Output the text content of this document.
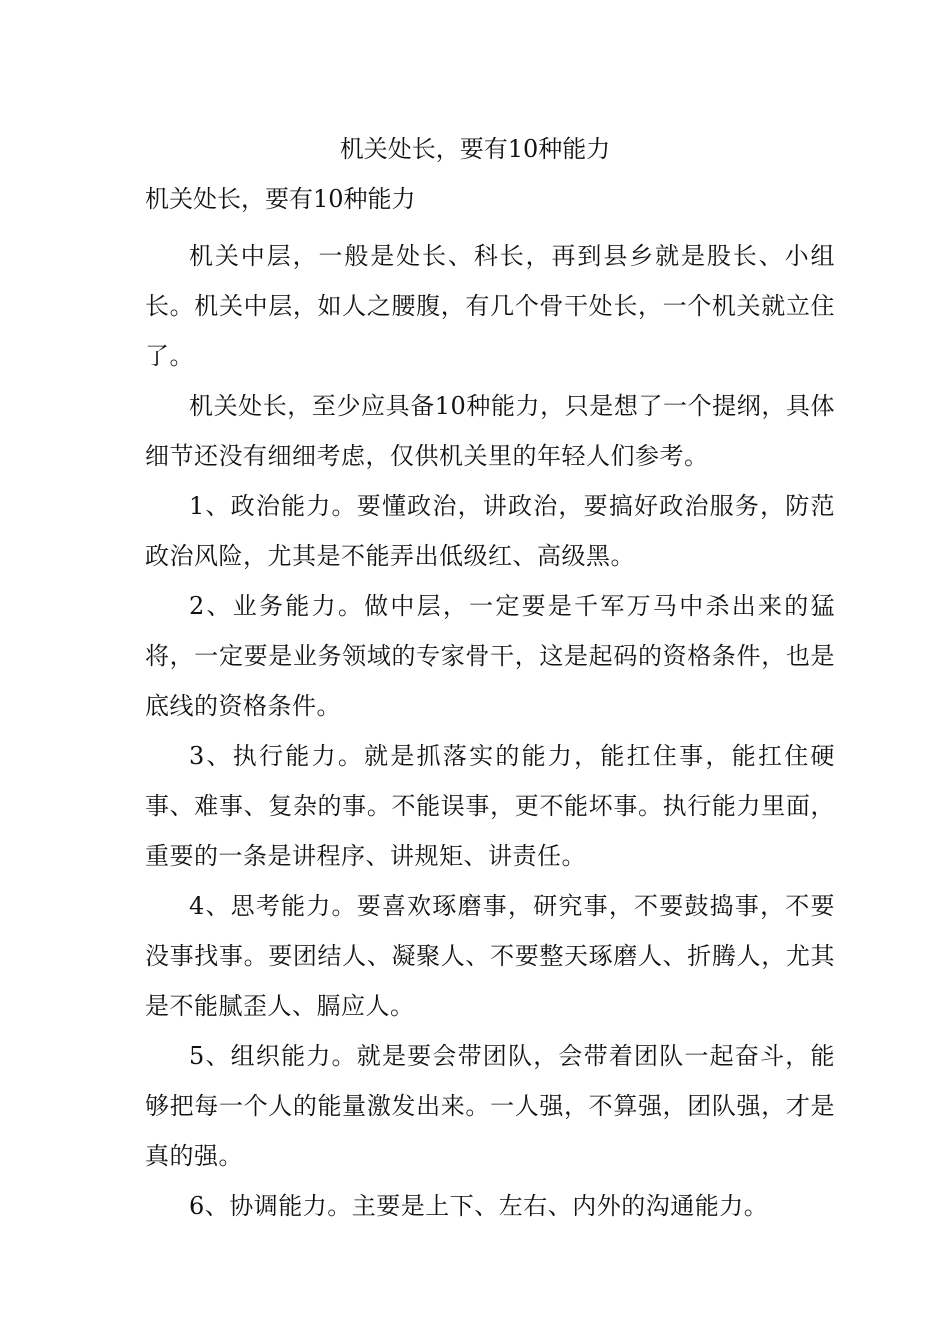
机关处长，要有10种能力

机关处长，要有10种能力

机关中层，一般是处长、科长，再到县乡就是股长、小组长。机关中层，如人之腰腹，有几个骨干处长，一个机关就立住了。

机关处长，至少应具备10种能力，只是想了一个提纲，具体细节还没有细细考虑，仅供机关里的年轻人们参考。

1、政治能力。要懂政治，讲政治，要搞好政治服务，防范政治风险，尤其是不能弄出低级红、高级黑。

2、业务能力。做中层，一定要是千军万马中杀出来的猛将，一定要是业务领域的专家骨干，这是起码的资格条件，也是底线的资格条件。

3、执行能力。就是抓落实的能力，能扛住事，能扛住硬事、难事、复杂的事。不能误事，更不能坏事。执行能力里面，重要的一条是讲程序、讲规矩、讲责任。

4、思考能力。要喜欢琢磨事，研究事，不要鼓捣事，不要没事找事。要团结人、凝聚人、不要整天琢磨人、折腾人，尤其是不能腻歪人、膈应人。

5、组织能力。就是要会带团队，会带着团队一起奋斗，能够把每一个人的能量激发出来。一人强，不算强，团队强，才是真的强。

6、协调能力。主要是上下、左右、内外的沟通能力。
